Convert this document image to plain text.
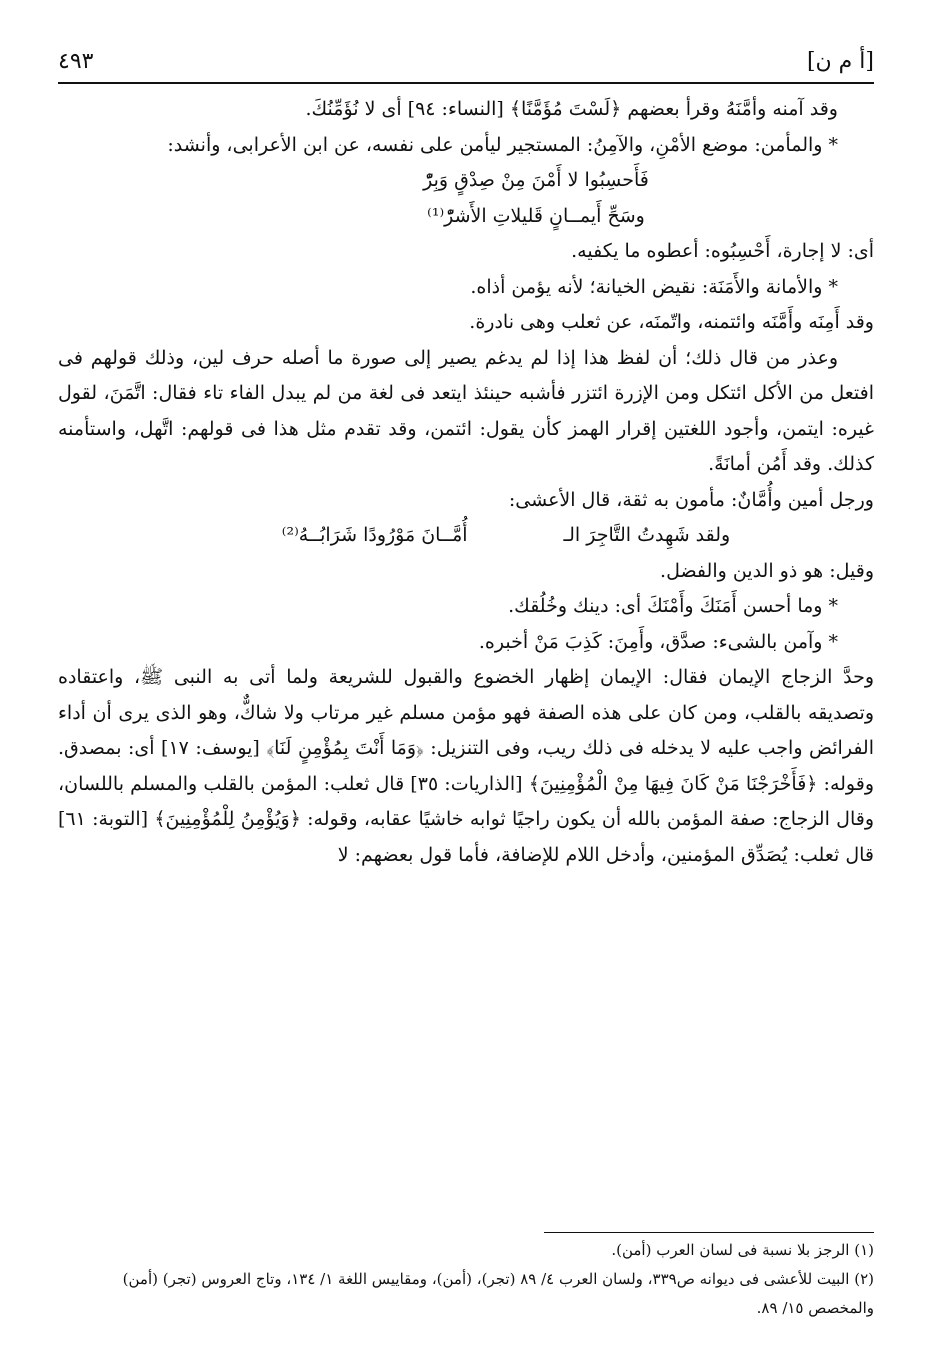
[أ م ن]
٤٩٣

وقد آمنه وأمَّنَهُ وقرأ بعضهم ﴿لَسْتَ مُؤَمَّنًا﴾ [النساء: ٩٤] أى لا نُؤَمِّنُكَ.

* والمأمن: موضع الأمْنِ، والآمِنُ: المستجير ليأمن على نفسه، عن ابن الأعرابى، وأنشد:

فَأَحسِبُوا لا أَمْنَ مِنْ صِدْقٍ وَبِرّْ

وسَحِّ أَيمــانٍ قَليلاتِ الأَشرّْ⁽¹⁾

أى: لا إجارة، أَحْسِبُوه: أعطوه ما يكفيه.

* والأمانة والأَمَنَة: نقيض الخيانة؛ لأنه يؤمن أذاه.

وقد أَمِنَه وأَمَّنَه وائتمنه، واتّمنَه، عن ثعلب وهى نادرة.

وعذر من قال ذلك؛ أن لفظ هذا إذا لم يدغم يصير إلى صورة ما أصله حرف لين، وذلك قولهم فى افتعل من الأكل ائتكل ومن الإزرة ائتزر فأشبه حينئذ ايتعد فى لغة من لم يبدل الفاء تاء فقال: اتَّمَنَ، لقول غيره: ايتمن، وأجود اللغتين إقرار الهمز كأن يقول: ائتمن، وقد تقدم مثل هذا فى قولهم: اتَّهل، واستأمنه كذلك. وقد أَمُن أمانَةً.

ورجل أمين وأُمَّانٌ: مأمون به ثقة، قال الأعشى:

ولقد شَهِدتُ التَّاجِرَ الـ
أُمَّــانَ مَوْرُودًا شَرَابُــهُ⁽²⁾

وقيل: هو ذو الدين والفضل.

* وما أحسن أَمَنَكَ وأَمْنَكَ أى: دينك وخُلُقك.

* وآمن بالشىء: صدَّق، وأَمِنَ: كَذِبَ مَنْ أخبره.

وحدَّ الزجاج الإيمان فقال: الإيمان إظهار الخضوع والقبول للشريعة ولما أتى به النبى ﷺ، واعتقاده وتصديقه بالقلب، ومن كان على هذه الصفة فهو مؤمن مسلم غير مرتاب ولا شاكٌّ، وهو الذى يرى أن أداء الفرائض واجب عليه لا يدخله فى ذلك ريب، وفى التنزيل: ﴿وَمَا أَنْتَ بِمُؤْمِنٍ لَنَا﴾ [يوسف: ١٧] أى: بمصدق. وقوله: ﴿فَأَخْرَجْنَا مَنْ كَانَ فِيهَا مِنْ الْمُؤْمِنِينَ﴾ [الذاريات: ٣٥] قال ثعلب: المؤمن بالقلب والمسلم باللسان، وقال الزجاج: صفة المؤمن بالله أن يكون راجيًا ثوابه خاشيًا عقابه، وقوله: ﴿وَيُؤْمِنُ لِلْمُؤْمِنِينَ﴾ [التوبة: ٦١] قال ثعلب: يُصَدِّق المؤمنين، وأدخل اللام للإضافة، فأما قول بعضهم: لا

(١) الرجز بلا نسبة فى لسان العرب (أمن).
(٢) البيت للأعشى فى ديوانه ص٣٣٩، ولسان العرب ٤/ ٨٩ (تجر)، (أمن)، ومقاييس اللغة ١/ ١٣٤، وتاج العروس (تجر) (أمن) والمخصص ١٥/ ٨٩.
